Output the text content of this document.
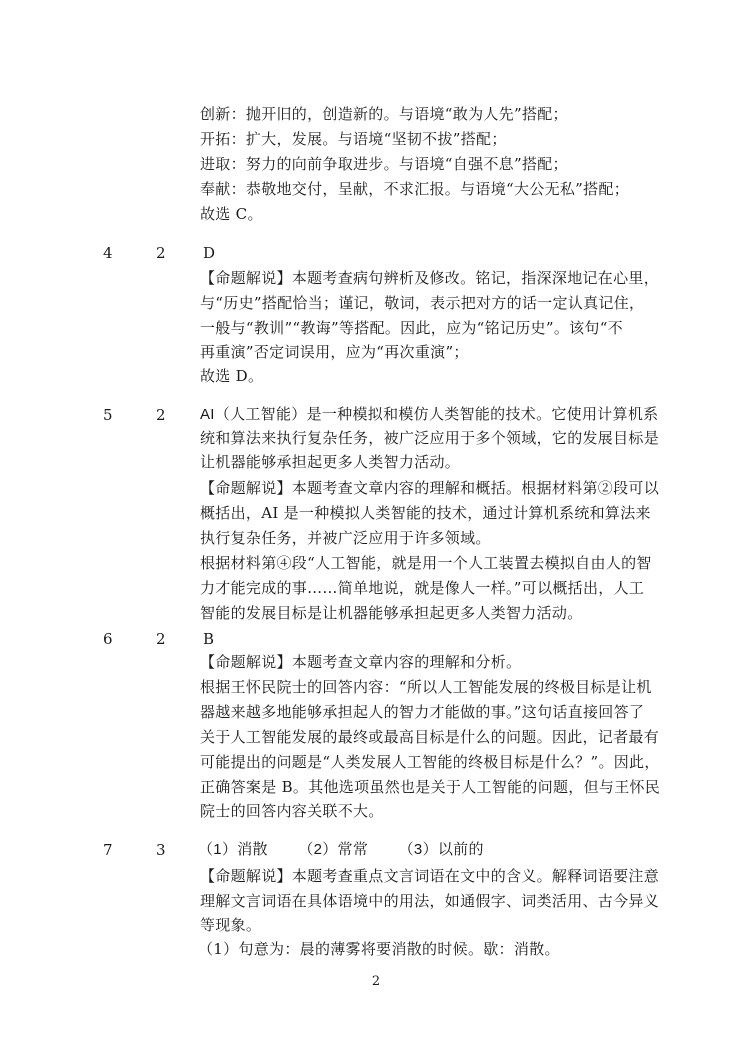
创新：抛开旧的，创造新的。与语境“敢为人先”搭配；
开拓：扩大，发展。与语境“坚韧不拔”搭配；
进取：努力的向前争取进步。与语境“自强不息”搭配；
奉献：恭敬地交付，呈献，不求汇报。与语境“大公无私”搭配；
故选 C。
4	2 D
【命题解说】本题考查病句辨析及修改。铭记，指深深地记在心里，
与“历史”搭配恰当；谨记，敬词，表示把对方的话一定认真记住，
一般与“教训”“教诲”等搭配。因此，应为“铭记历史”。该句“不
再重演”否定词误用，应为“再次重演”；
故选 D。
5	2 AI（人工智能）是一种模拟和模仿人类智能的技术。它使用计算机系
统和算法来执行复杂任务，被广泛应用于多个领域，它的发展目标是
让机器能够承担起更多人类智力活动。
【命题解说】本题考查文章内容的理解和概括。根据材料第②段可以
概括出，AI 是一种模拟人类智能的技术，通过计算机系统和算法来
执行复杂任务，并被广泛应用于许多领域。
根据材料第④段“人工智能，就是用一个人工装置去模拟自由人的智
力才能完成的事……简单地说，就是像人一样。”可以概括出，人工
智能的发展目标是让机器能够承担起更多人类智力活动。
6	2 B
【命题解说】本题考查文章内容的理解和分析。
根据王怀民院士的回答内容：“所以人工智能发展的终极目标是让机
器越来越多地能够承担起人的智力才能做的事。”这句话直接回答了
关于人工智能发展的最终或最高目标是什么的问题。因此，记者最有
可能提出的问题是“人类发展人工智能的终极目标是什么？”。因此，
正确答案是 B。其他选项虽然也是关于人工智能的问题，但与王怀民
院士的回答内容关联不大。
7	3 （1）消散 （2）常常 （3）以前的
【命题解说】本题考查重点文言词语在文中的含义。解释词语要注意
理解文言词语在具体语境中的用法，如通假字、词类活用、古今异义
等现象。
（1）句意为：晨的薄雾将要消散的时候。歇：消散。
2
